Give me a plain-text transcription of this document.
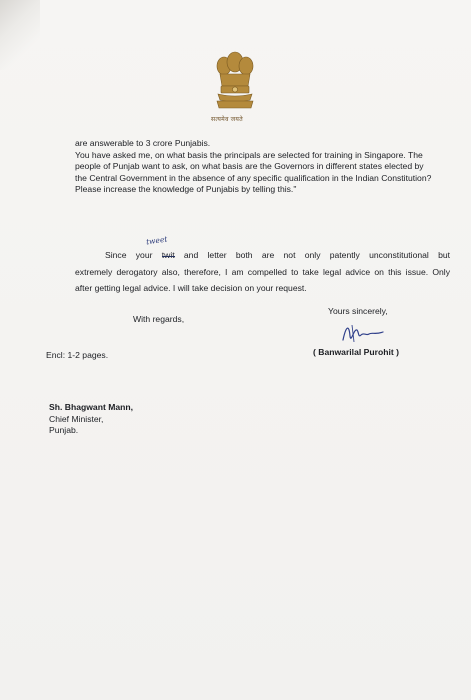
सत्यमेव जयते
are answerable to 3 crore Punjabis.
You have asked me, on what basis the principals are selected for training in Singapore. The
people of Punjab want to ask, on what basis are the Governors in different states elected by
the Central Government in the absence of any specific qualification in the Indian Constitution?
Please increase the knowledge of Punjabis by telling this."
tweet
Since your twit and letter both are not only patently unconstitutional but
extremely derogatory also, therefore, I am compelled to take legal advice on this issue. Only
after getting legal advice. I will take decision on your request.
With regards,
Yours sincerely,
( Banwarilal Purohit )
Encl: 1-2 pages.
Sh. Bhagwant Mann,
Chief Minister,
Punjab.
